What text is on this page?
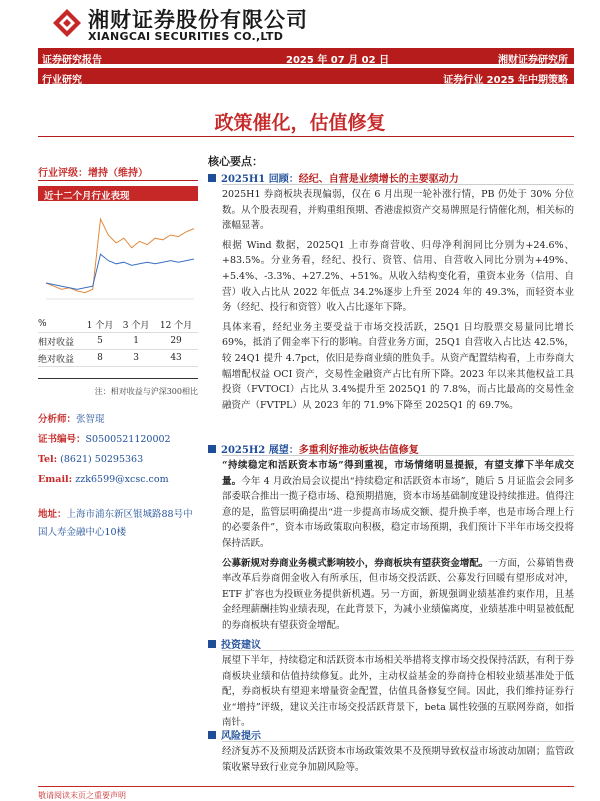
湘财证券股份有限公司
XIANGCAI SECURITIES CO.,LTD
证券研究报告	2025 年 07 月 02 日	湘财证券研究所
行业研究	证券行业 2025 年中期策略
政策催化，估值修复
行业评级：增持（维持）
近十二个月行业表现
%	1 个月	3 个月	12 个月
相对收益	5	1	29
绝对收益	8	3	43
注：相对收益与沪深300相比
分析师：张智琨
证书编号：S0500521120002
Tel: (8621) 50295363
Email: zzk6599@xcsc.com
地址：上海市浦东新区银城路88号中国人寿金融中心10楼
核心要点：
2025H1 回顾：经纪、自营是业绩增长的主要驱动力

2025H1 券商板块表现偏弱，仅在 6 月出现一轮补涨行情，PB 仍处于 30% 分位数。从个股表现看，并购重组预期、香港虚拟资产交易牌照是行情催化剂，相关标的涨幅显著。

根据 Wind 数据，2025Q1 上市券商营收、归母净利润同比分别为+24.6%、+83.5%。分业务看，经纪、投行、资管、信用、自营收入同比分别为+49%、+5.4%、-3.3%、+27.2%、+51%。从收入结构变化看，重资本业务（信用、自营）收入占比从 2022 年低点 34.2%逐步上升至 2024 年的 49.3%，而轻资本业务（经纪、投行和资管）收入占比逐年下降。

具体来看，经纪业务主要受益于市场交投活跃，25Q1 日均股票交易量同比增长 69%，抵消了佣金率下行的影响。自营业务方面，25Q1 自营收入占比达 42.5%，较 24Q1 提升 4.7pct，依旧是券商业绩的胜负手。从资产配置结构看，上市券商大幅增配权益 OCI 资产，交易性金融资产占比有所下降。2023 年以来其他权益工具投资（FVTOCI）占比从 3.4%提升至 2025Q1 的 7.8%，而占比最高的交易性金融资产（FVTPL）从 2023 年的 71.9%下降至 2025Q1 的 69.7%。

2025H2 展望：多重利好推动板块估值修复

“持续稳定和活跃资本市场”得到重视，市场情绪明显提振，有望支撑下半年成交量。今年 4 月政治局会议提出“持续稳定和活跃资本市场”，随后 5 月证监会会同多部委联合推出一揽子稳市场、稳预期措施，资本市场基础制度建设持续推进。值得注意的是，监管层明确提出“进一步提高市场成交额、提升换手率，也是市场合理上行的必要条件”，资本市场政策取向积极，稳定市场预期，我们预计下半年市场交投将保持活跃。

公募新规对券商业务模式影响较小，券商板块有望获资金增配。一方面，公募销售费率改革后券商佣金收入有所承压，但市场交投活跃、公募发行回暖有望形成对冲，ETF 扩容也为投顾业务提供新机遇。另一方面，新规强调业绩基准约束作用，且基金经理薪酬挂钩业绩表现，在此背景下，为减小业绩偏离度，业绩基准中明显被低配的券商板块有望获资金增配。

投资建议

展望下半年，持续稳定和活跃资本市场相关举措将支撑市场交投保持活跃，有利于券商板块业绩和估值持续修复。此外，主动权益基金的券商持仓相较业绩基准处于低配，券商板块有望迎来增量资金配置，估值具备修复空间。因此，我们维持证券行业“增持”评级，建议关注市场交投活跃背景下，beta 属性较强的互联网券商，如指南针。

风险提示

经济复苏不及预期及活跃资本市场政策效果不及预期导致权益市场波动加剧；监管政策收紧导致行业竞争加剧风险等。

敬请阅读末页之重要声明
